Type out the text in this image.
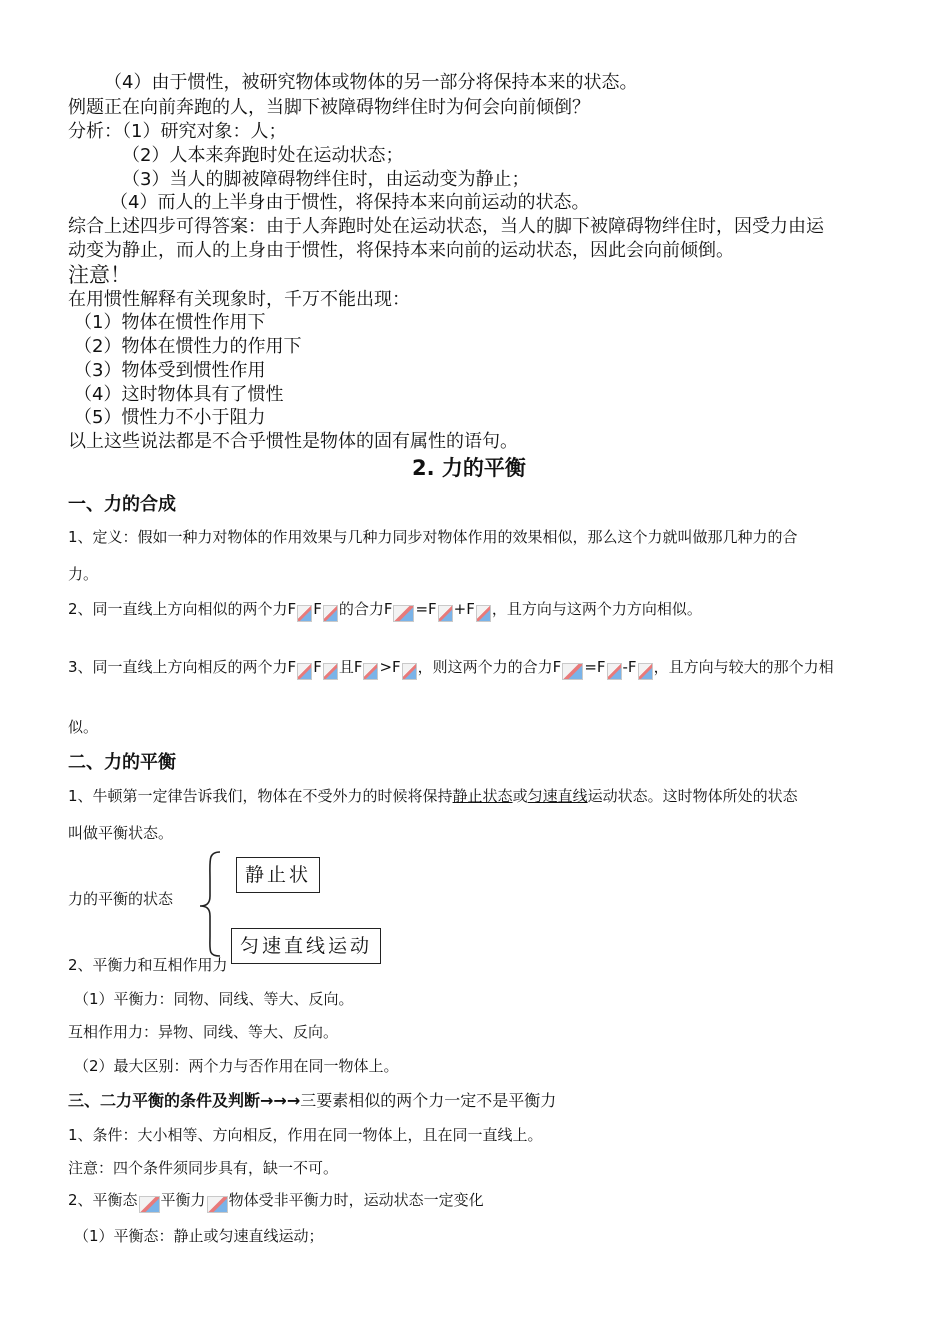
（4）由于惯性，被研究物体或物体的另一部分将保持本来的状态。
例题正在向前奔跑的人，当脚下被障碍物绊住时为何会向前倾倒？
分析：（1）研究对象：人；
（2）人本来奔跑时处在运动状态；
（3）当人的脚被障碍物绊住时，由运动变为静止；
（4）而人的上半身由于惯性，将保持本来向前运动的状态。
综合上述四步可得答案：由于人奔跑时处在运动状态，当人的脚下被障碍物绊住时，因受力由运
动变为静止，而人的上身由于惯性，将保持本来向前的运动状态，因此会向前倾倒。
注意！
在用惯性解释有关现象时，千万不能出现：
（1）物体在惯性作用下
（2）物体在惯性力的作用下
（3）物体受到惯性作用
（4）这时物体具有了惯性
（5）惯性力不小于阻力
以上这些说法都是不合乎惯性是物体的固有属性的语句。
2. 力的平衡
一、力的合成
1、定义：假如一种力对物体的作用效果与几种力同步对物体作用的效果相似，那么这个力就叫做那几种力的合
力。
2、同一直线上方向相似的两个力F F 的合力F =F +F ，且方向与这两个力方向相似。
3、同一直线上方向相反的两个力F F 且F >F ，则这两个力的合力F =F -F ，且方向与较大的那个力相
似。
二、力的平衡
1、牛顿第一定律告诉我们，物体在不受外力的时候将保持静止状态或匀速直线运动状态。这时物体所处的状态
叫做平衡状态。
力的平衡的状态
静止状
匀速直线运动
2、平衡力和互相作用力
（1）平衡力：同物、同线、等大、反向。
互相作用力：异物、同线、等大、反向。
（2）最大区别：两个力与否作用在同一物体上。
三、二力平衡的条件及判断→→→三要素相似的两个力一定不是平衡力
1、条件：大小相等、方向相反，作用在同一物体上，且在同一直线上。
注意：四个条件须同步具有，缺一不可。
2、平衡态 平衡力 物体受非平衡力时，运动状态一定变化
（1）平衡态：静止或匀速直线运动；
